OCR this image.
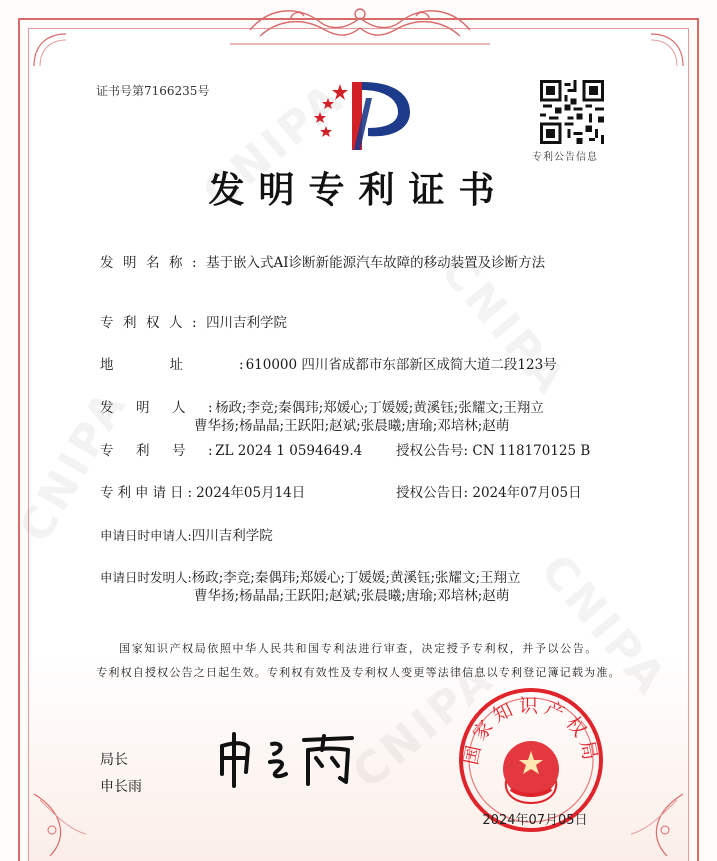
证书号第7166235号
专利公告信息
发明专利证书
发明名称:基于嵌入式AI诊断新能源汽车故障的移动装置及诊断方法
专利权人:四川吉利学院
地址:610000 四川省成都市东部新区成简大道二段123号
发明人:杨政;李竞;秦偶玮;郑媛心;丁媛媛;黄溪钰;张耀文;王翔立
曹华扬;杨晶晶;王跃阳;赵斌;张晨曦;唐瑜;邓培林;赵萌
专利号:ZL 2024 1 0594649.4	授权公告号: CN 118170125 B
专利申请日:2024年05月14日	授权公告日: 2024年07月05日
申请日时申请人:四川吉利学院
申请日时发明人:杨政;李竞;秦偶玮;郑媛心;丁媛媛;黄溪钰;张耀文;王翔立
曹华扬;杨晶晶;王跃阳;赵斌;张晨曦;唐瑜;邓培林;赵萌
国家知识产权局依照中华人民共和国专利法进行审查，决定授予专利权，并予以公告。
专利权自授权公告之日起生效。专利权有效性及专利权人变更等法律信息以专利登记簿记载为准。
局长
申长雨
国家知识产权局
2024年07月05日
